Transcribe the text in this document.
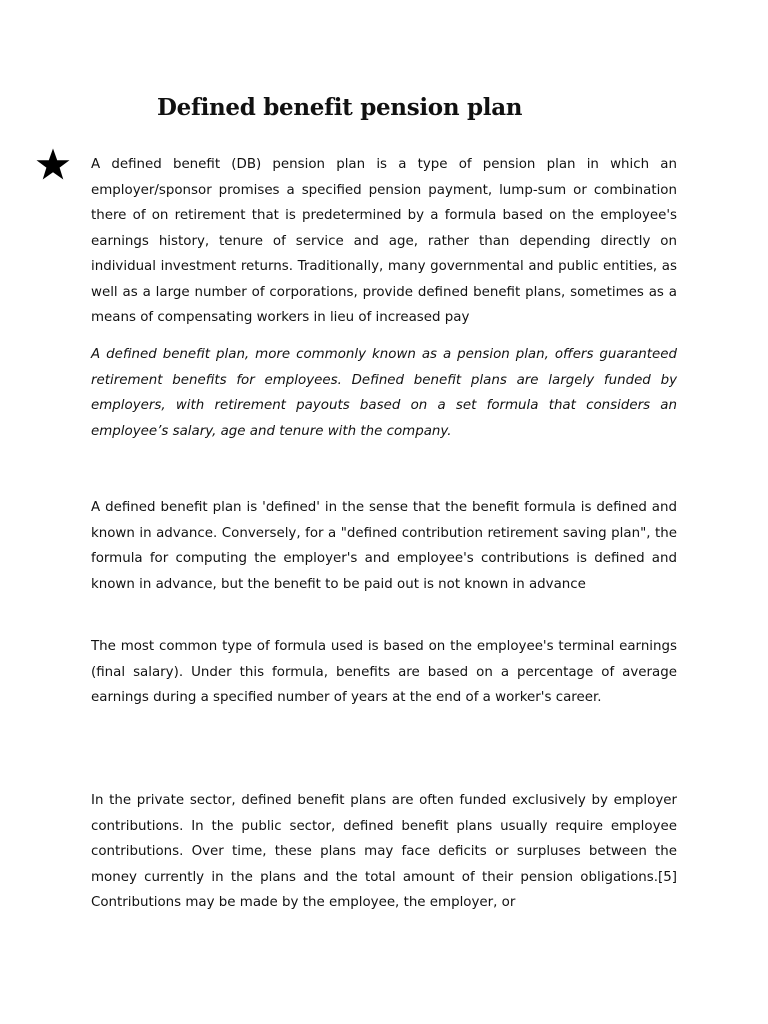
Defined benefit pension plan

A defined benefit (DB) pension plan is a type of pension plan in which an employer/sponsor promises a specified pension payment, lump-sum or combination there of on retirement that is predetermined by a formula based on the employee's earnings history, tenure of service and age, rather than depending directly on individual investment returns. Traditionally, many governmental and public entities, as well as a large number of corporations, provide defined benefit plans, sometimes as a means of compensating workers in lieu of increased pay

A defined benefit plan, more commonly known as a pension plan, offers guaranteed retirement benefits for employees. Defined benefit plans are largely funded by employers, with retirement payouts based on a set formula that considers an employee’s salary, age and tenure with the company.

A defined benefit plan is 'defined' in the sense that the benefit formula is defined and known in advance. Conversely, for a "defined contribution retirement saving plan", the formula for computing the employer's and employee's contributions is defined and known in advance, but the benefit to be paid out is not known in advance

The most common type of formula used is based on the employee's terminal earnings (final salary). Under this formula, benefits are based on a percentage of average earnings during a specified number of years at the end of a worker's career.

In the private sector, defined benefit plans are often funded exclusively by employer contributions. In the public sector, defined benefit plans usually require employee contributions. Over time, these plans may face deficits or surpluses between the money currently in the plans and the total amount of their pension obligations.[5] Contributions may be made by the employee, the employer, or
